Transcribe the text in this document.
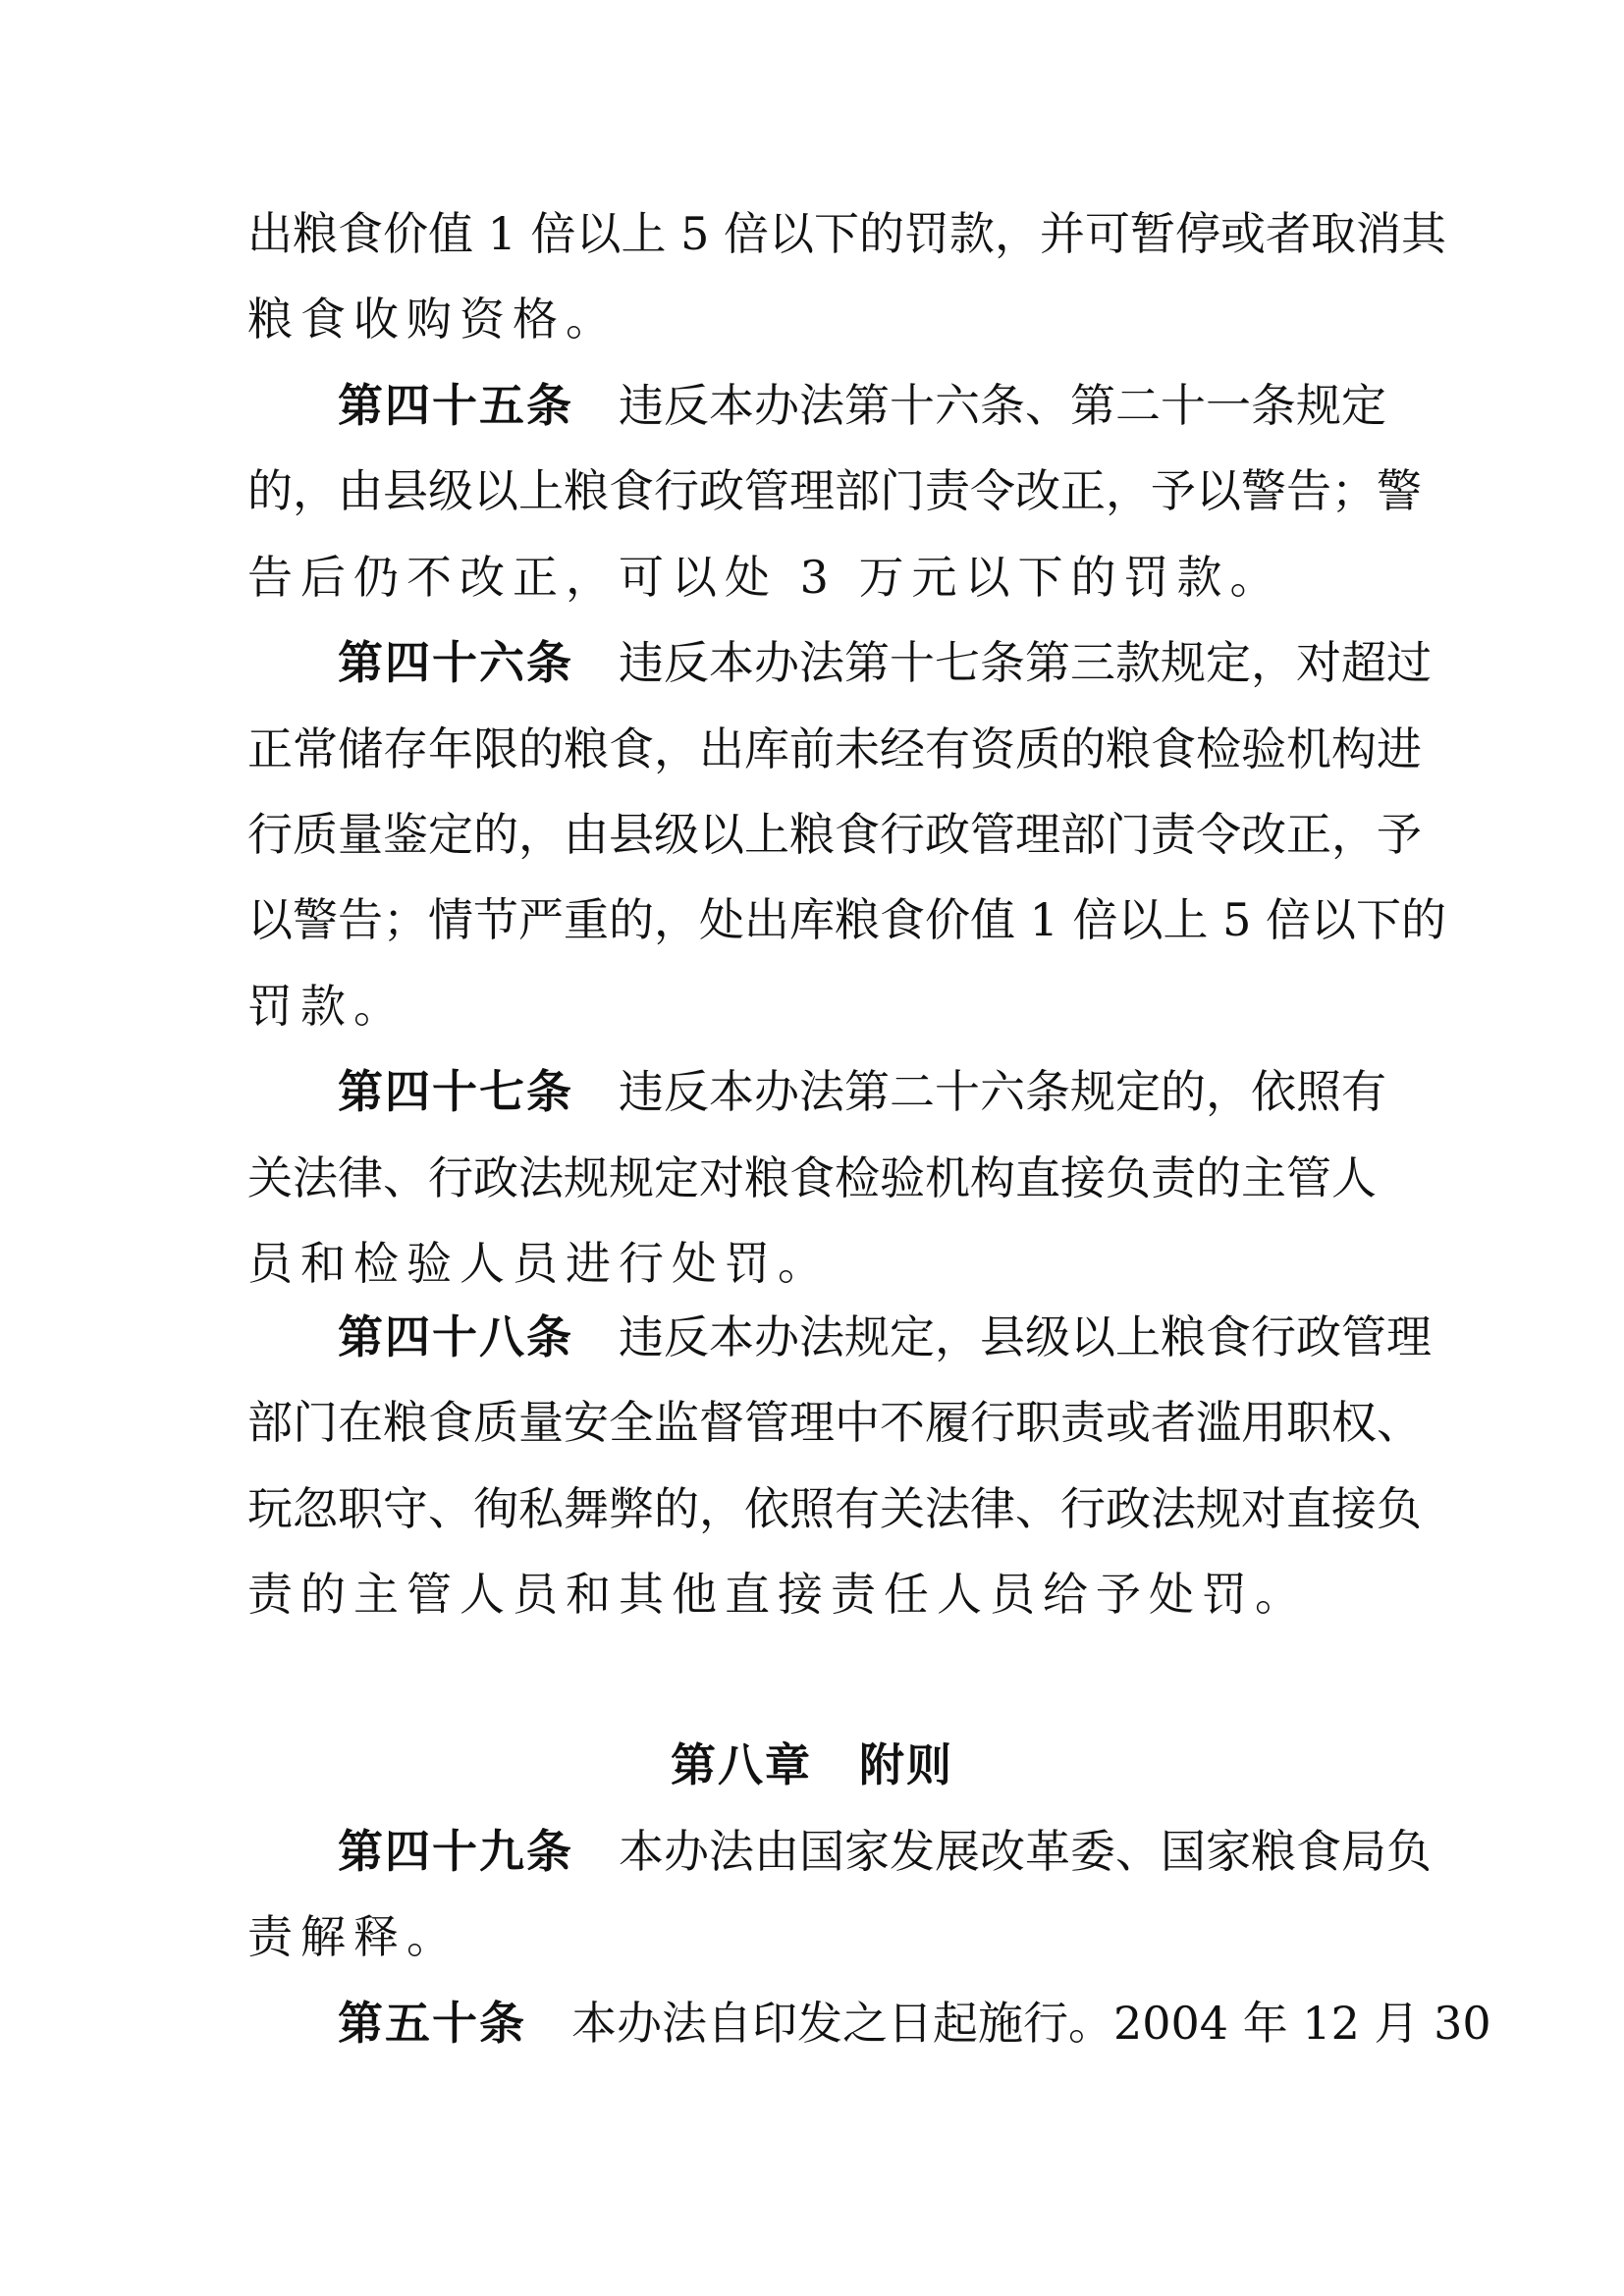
出粮食价值 1 倍以上 5 倍以下的罚款，并可暂停或者取消其
粮食收购资格。
第四十五条 违反本办法第十六条、第二十一条规定
的，由县级以上粮食行政管理部门责令改正，予以警告；警
告后仍不改正，可以处 3 万元以下的罚款。
第四十六条 违反本办法第十七条第三款规定，对超过
正常储存年限的粮食，出库前未经有资质的粮食检验机构进
行质量鉴定的，由县级以上粮食行政管理部门责令改正，予
以警告；情节严重的，处出库粮食价值 1 倍以上 5 倍以下的
罚款。
第四十七条 违反本办法第二十六条规定的，依照有
关法律、行政法规规定对粮食检验机构直接负责的主管人
员和检验人员进行处罚。
第四十八条 违反本办法规定，县级以上粮食行政管理
部门在粮食质量安全监督管理中不履行职责或者滥用职权、
玩忽职守、徇私舞弊的，依照有关法律、行政法规对直接负
责的主管人员和其他直接责任人员给予处罚。
第八章　附则
第四十九条 本办法由国家发展改革委、国家粮食局负
责解释。
第五十条 本办法自印发之日起施行。2004 年 12 月 30
